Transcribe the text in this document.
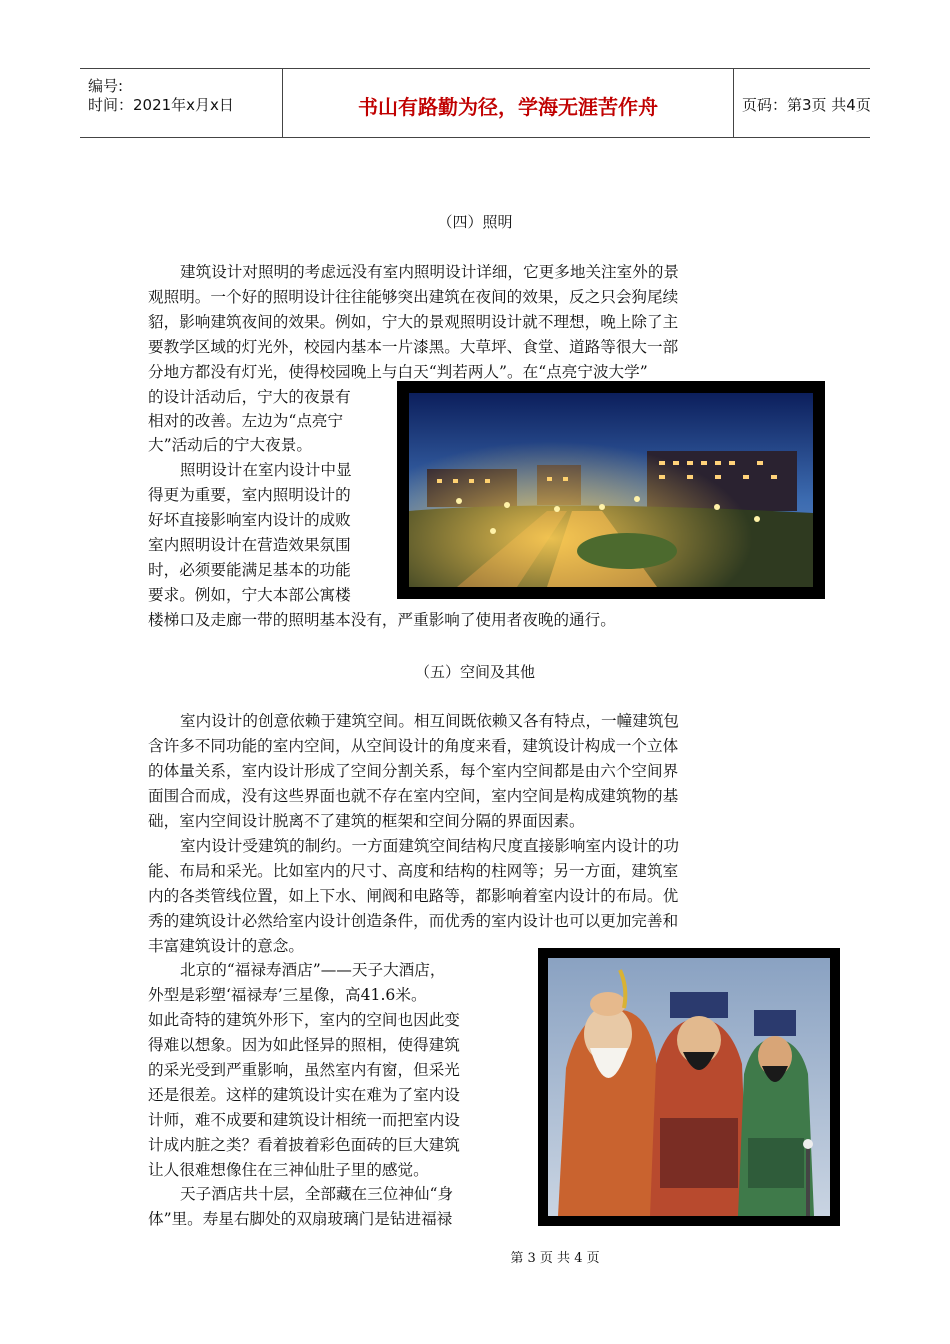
编号:
时间：2021年x月x日	书山有路勤为径，学海无涯苦作舟	页码：第3页 共4页
（四）照明
建筑设计对照明的考虑远没有室内照明设计详细，它更多地关注室外的景
观照明。一个好的照明设计往往能够突出建筑在夜间的效果，反之只会狗尾续
貂，影响建筑夜间的效果。例如，宁大的景观照明设计就不理想，晚上除了主
要教学区域的灯光外，校园内基本一片漆黑。大草坪、食堂、道路等很大一部
分地方都没有灯光，使得校园晚上与白天“判若两人”。在“点亮宁波大学”
的设计活动后，宁大的夜景有
相对的改善。左边为“点亮宁
大”活动后的宁大夜景。
照明设计在室内设计中显
得更为重要，室内照明设计的
好坏直接影响室内设计的成败
室内照明设计在营造效果氛围
时，必须要能满足基本的功能
要求。例如，宁大本部公寓楼
楼梯口及走廊一带的照明基本没有，严重影响了使用者夜晚的通行。
（五）空间及其他
室内设计的创意依赖于建筑空间。相互间既依赖又各有特点，一幢建筑包
含许多不同功能的室内空间，从空间设计的角度来看，建筑设计构成一个立体
的体量关系，室内设计形成了空间分割关系，每个室内空间都是由六个空间界
面围合而成，没有这些界面也就不存在室内空间，室内空间是构成建筑物的基
础，室内空间设计脱离不了建筑的框架和空间分隔的界面因素。
室内设计受建筑的制约。一方面建筑空间结构尺度直接影响室内设计的功
能、布局和采光。比如室内的尺寸、高度和结构的柱网等；另一方面，建筑室
内的各类管线位置，如上下水、闸阀和电路等，都影响着室内设计的布局。优
秀的建筑设计必然给室内设计创造条件，而优秀的室内设计也可以更加完善和
丰富建筑设计的意念。
北京的“福禄寿酒店”——天子大酒店，
外型是彩塑‘福禄寿’三星像，高41.6米。
如此奇特的建筑外形下，室内的空间也因此变
得难以想象。因为如此怪异的照相，使得建筑
的采光受到严重影响，虽然室内有窗，但采光
还是很差。这样的建筑设计实在难为了室内设
计师，难不成要和建筑设计相统一而把室内设
计成内脏之类？看着披着彩色面砖的巨大建筑
让人很难想像住在三神仙肚子里的感觉。
天子酒店共十层，全部藏在三位神仙“身
体”里。寿星右脚处的双扇玻璃门是钻进福禄
第 3 页 共 4 页
